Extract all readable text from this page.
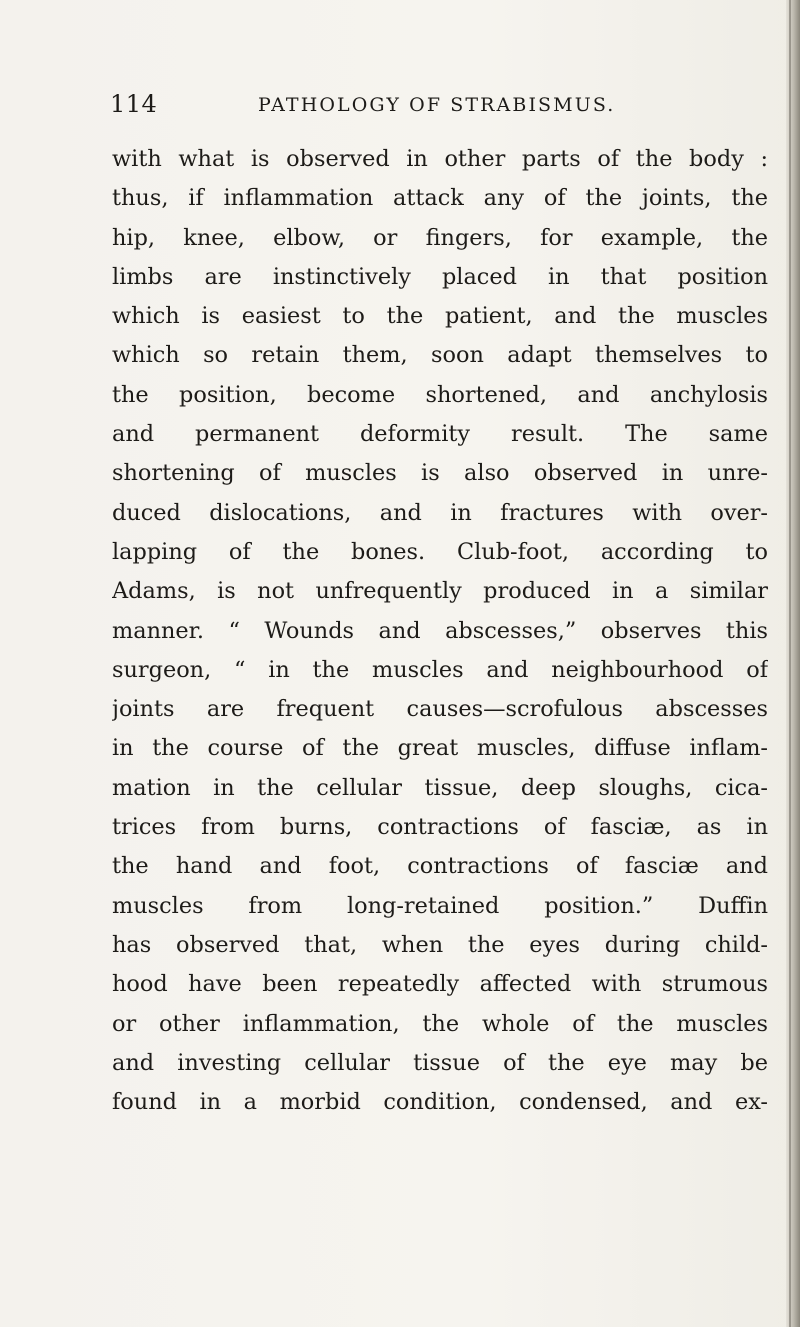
114	PATHOLOGY OF STRABISMUS.
with what is observed in other parts of the body :
thus, if inflammation attack any of the joints, the
hip, knee, elbow, or fingers, for example, the
limbs are instinctively placed in that position
which is easiest to the patient, and the muscles
which so retain them, soon adapt themselves to
the position, become shortened, and anchylosis
and permanent deformity result. The same
shortening of muscles is also observed in unre-
duced dislocations, and in fractures with over-
lapping of the bones. Club-foot, according to
Adams, is not unfrequently produced in a similar
manner. “ Wounds and abscesses,” observes this
surgeon, “ in the muscles and neighbourhood of
joints are frequent causes—scrofulous abscesses
in the course of the great muscles, diffuse inflam-
mation in the cellular tissue, deep sloughs, cica-
trices from burns, contractions of fasciæ, as in
the hand and foot, contractions of fasciæ and
muscles from long-retained position.” Duffin
has observed that, when the eyes during child-
hood have been repeatedly affected with strumous
or other inflammation, the whole of the muscles
and investing cellular tissue of the eye may be
found in a morbid condition, condensed, and ex-
